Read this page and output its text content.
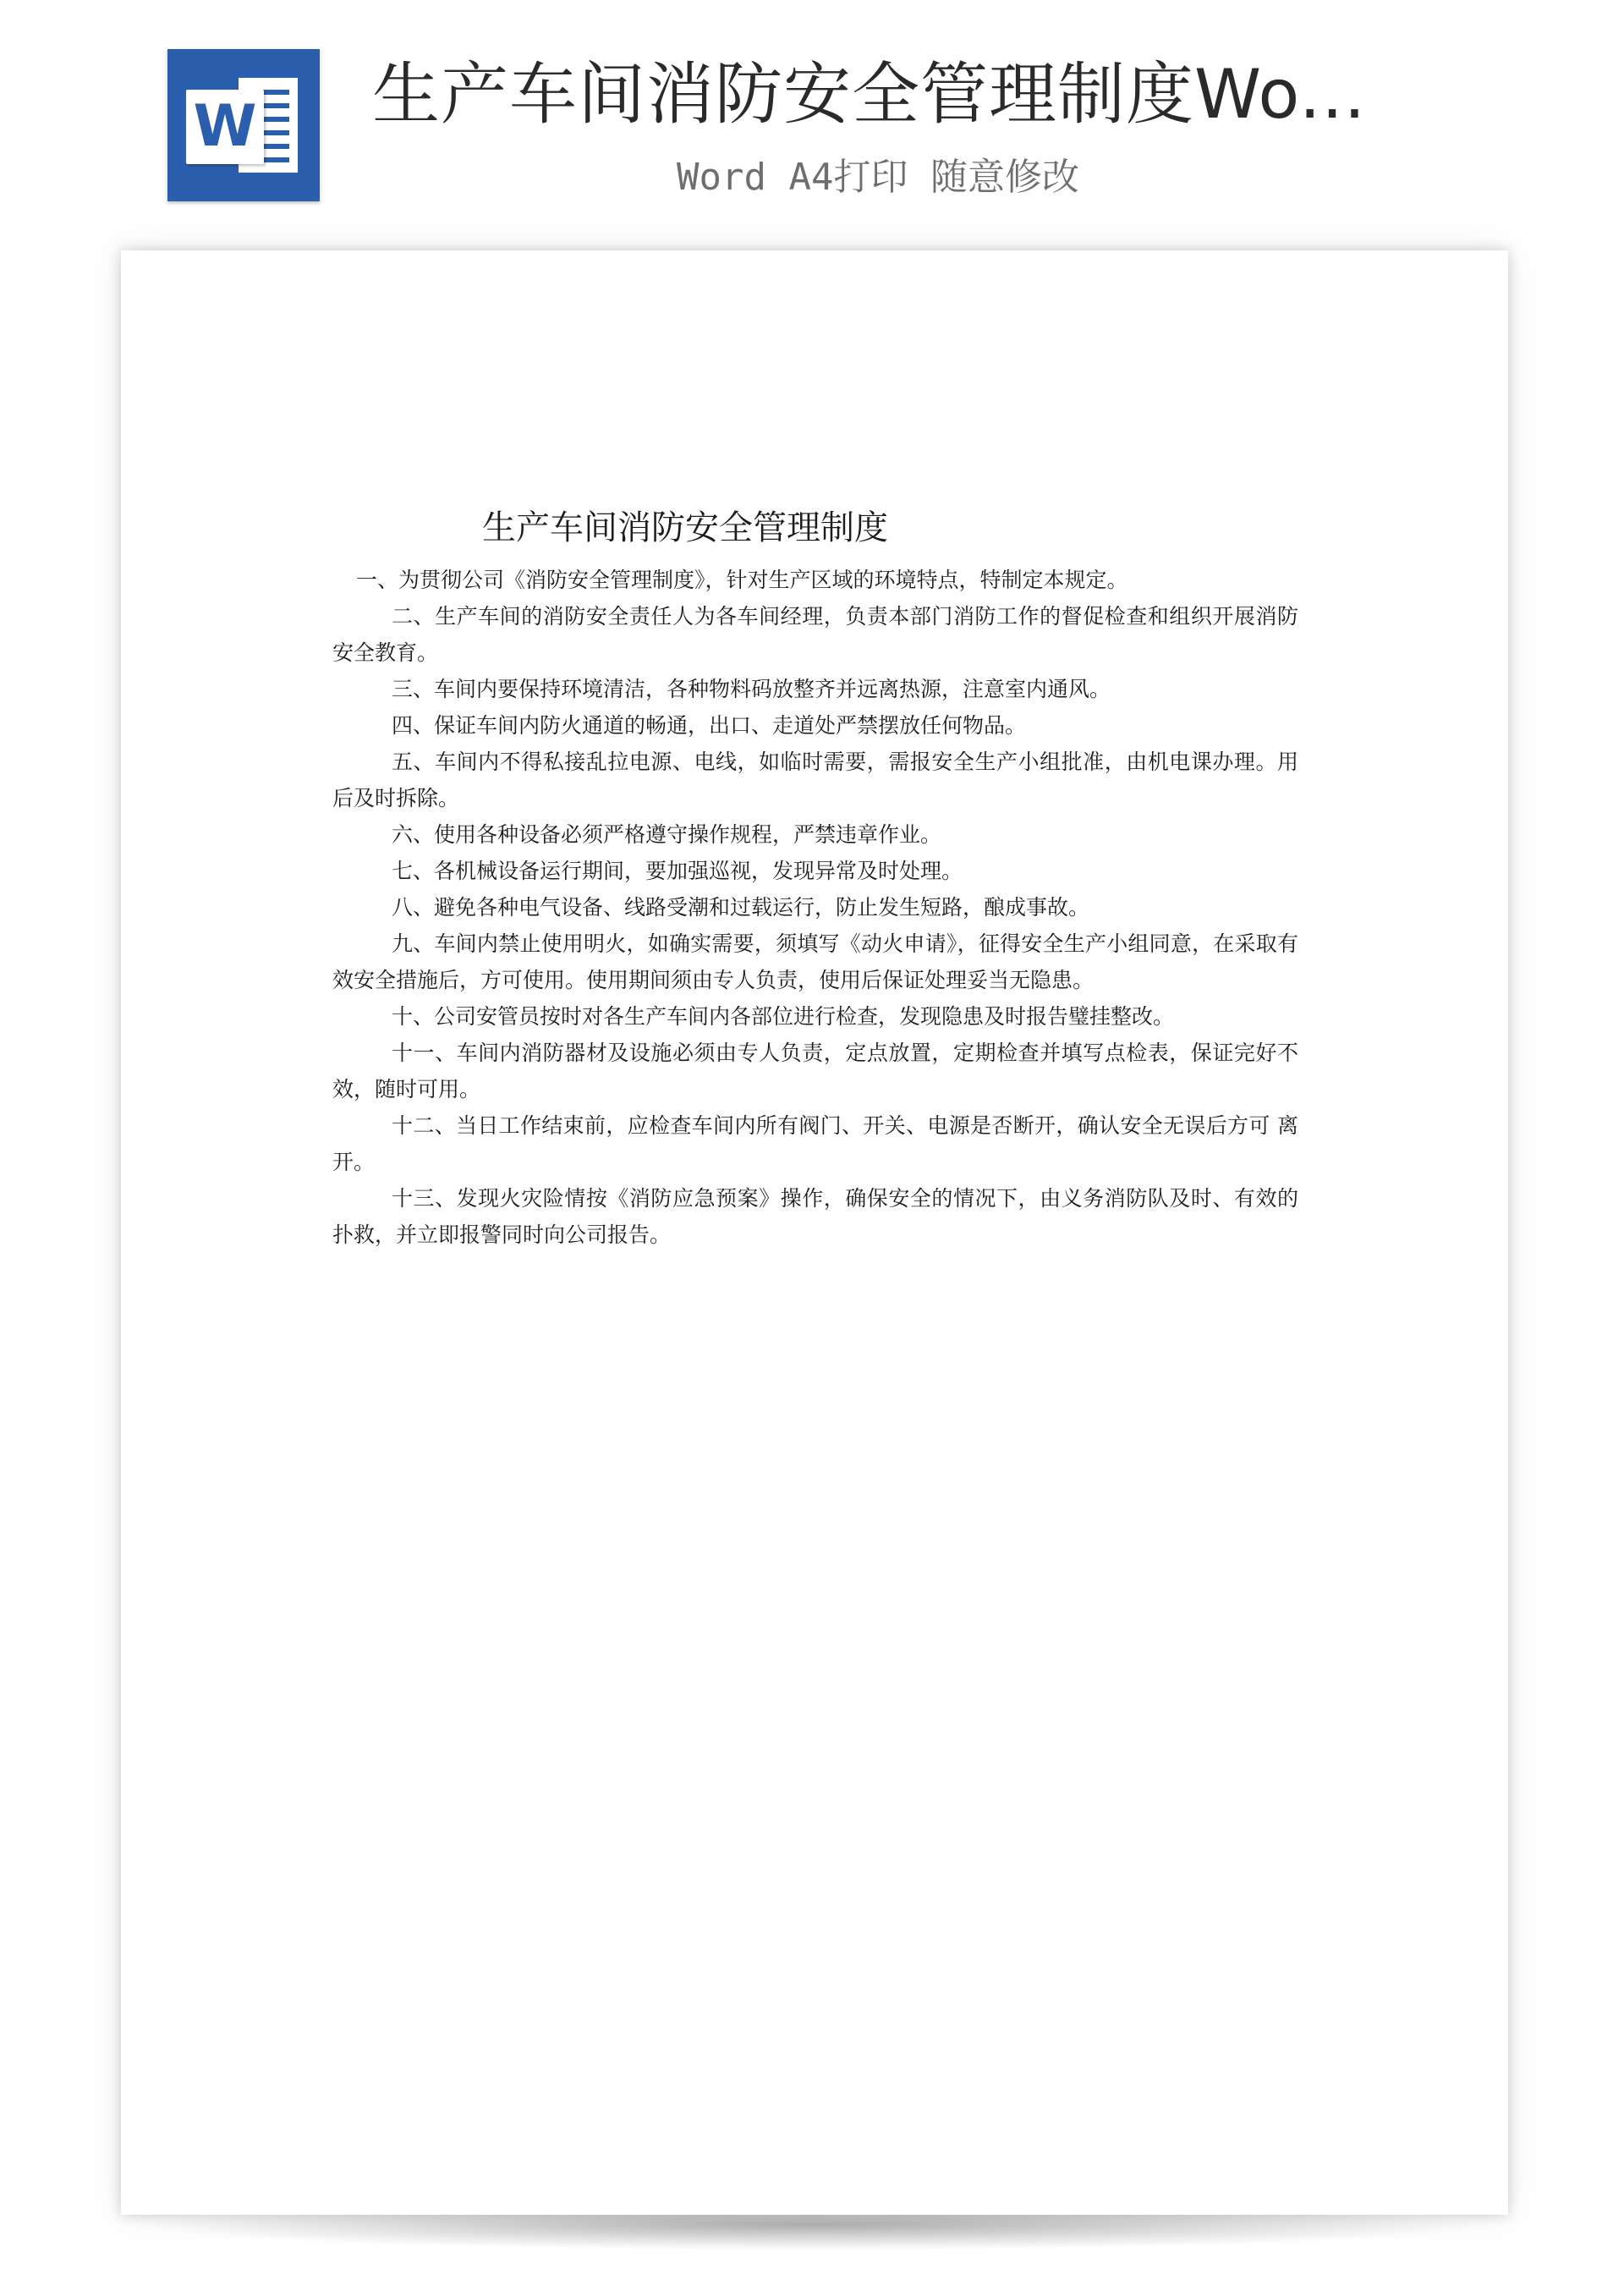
W 生产车间消防安全管理制度Wo...
Word A4打印 随意修改
生产车间消防安全管理制度

一、为贯彻公司《消防安全管理制度》，针对生产区域的环境特点，特制定本规定。

二、生产车间的消防安全责任人为各车间经理，负责本部门消防工作的督促检查和组织开展消防安全教育。

三、车间内要保持环境清洁，各种物料码放整齐并远离热源，注意室内通风。

四、保证车间内防火通道的畅通，出口、走道处严禁摆放任何物品。

五、车间内不得私接乱拉电源、电线，如临时需要，需报安全生产小组批准，由机电课办理。用后及时拆除。

六、使用各种设备必须严格遵守操作规程，严禁违章作业。

七、各机械设备运行期间，要加强巡视，发现异常及时处理。

八、避免各种电气设备、线路受潮和过载运行，防止发生短路，酿成事故。

九、车间内禁止使用明火，如确实需要，须填写《动火申请》，征得安全生产小组同意，在采取有效安全措施后，方可使用。使用期间须由专人负责，使用后保证处理妥当无隐患。

十、公司安管员按时对各生产车间内各部位进行检查，发现隐患及时报告璧挂整改。

十一、车间内消防器材及设施必须由专人负责，定点放置，定期检查并填写点检表，保证完好不效，随时可用。

十二、当日工作结束前，应检查车间内所有阀门、开关、电源是否断开，确认安全无误后方可 离开。

十三、发现火灾险情按《消防应急预案》操作，确保安全的情况下，由义务消防队及时、有效的扑救，并立即报警同时向公司报告。
